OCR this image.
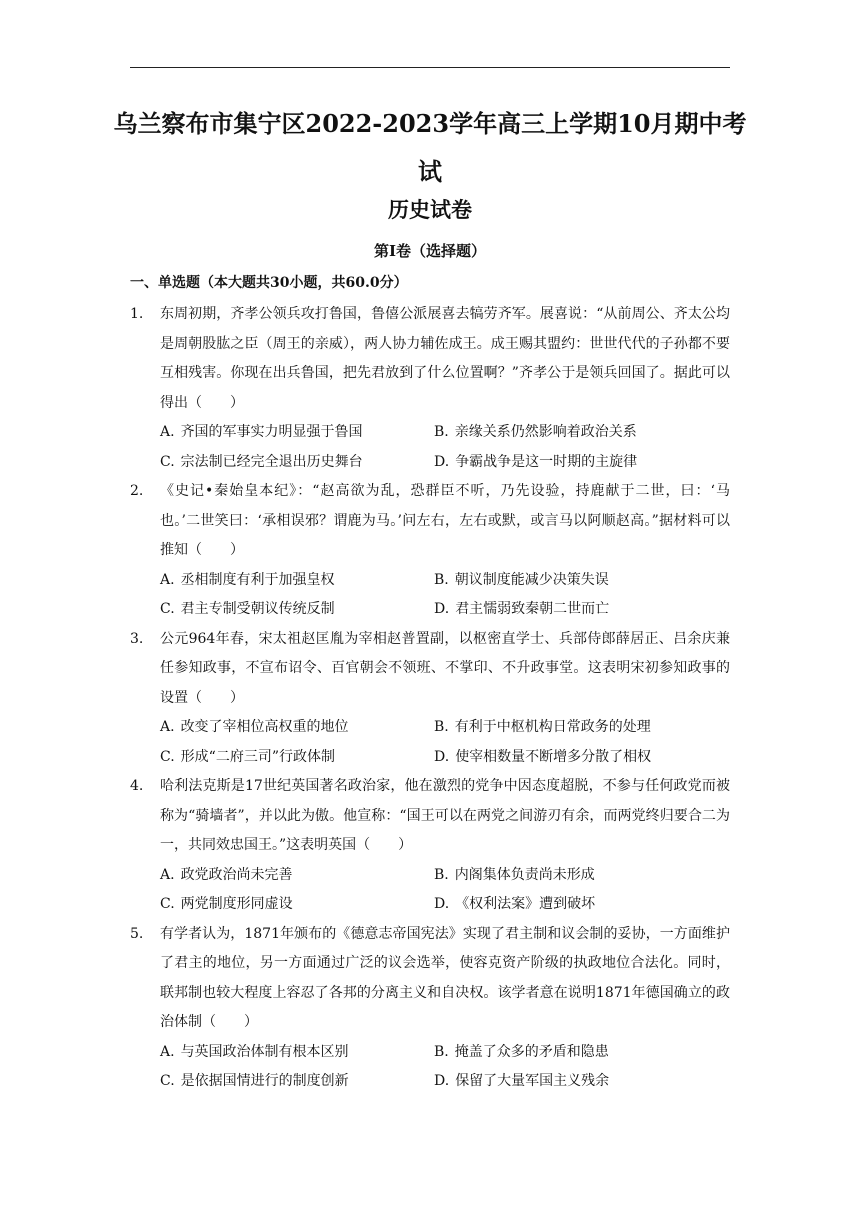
乌兰察布市集宁区2022-2023学年高三上学期10月期中考试
历史试卷
第I卷（选择题）
一、单选题（本大题共30小题，共60.0分）
1. 东周初期，齐孝公领兵攻打鲁国，鲁僖公派展喜去犒劳齐军。展喜说：“从前周公、齐太公均是周朝股肱之臣（周王的亲威），两人协力辅佐成王。成王赐其盟约：世世代代的子孙都不要互相残害。你现在出兵鲁国，把先君放到了什么位置啊？”齐孝公于是领兵回国了。据此可以得出（　　）
A. 齐国的军事实力明显强于鲁国	B. 亲缘关系仍然影响着政治关系
C. 宗法制已经完全退出历史舞台	D. 争霸战争是这一时期的主旋律
2. 《史记•秦始皇本纪》：“赵高欲为乱，恐群臣不听，乃先设验，持鹿献于二世，曰：‘马也。’二世笑曰：‘承相误邪？谓鹿为马。’问左右，左右或默，或言马以阿顺赵高。”据材料可以推知（　　）
A. 丞相制度有利于加强皇权	B. 朝议制度能减少决策失误
C. 君主专制受朝议传统反制	D. 君主懦弱致秦朝二世而亡
3. 公元964年春，宋太祖赵匡胤为宰相赵普置副，以枢密直学士、兵部侍郎薛居正、吕余庆兼任参知政事，不宣布诏令、百官朝会不领班、不掌印、不升政事堂。这表明宋初参知政事的设置（　　）
A. 改变了宰相位高权重的地位	B. 有利于中枢机构日常政务的处理
C. 形成“二府三司”行政体制	D. 使宰相数量不断增多分散了相权
4. 哈利法克斯是17世纪英国著名政治家，他在激烈的党争中因态度超脱，不参与任何政党而被称为“骑墙者”，并以此为傲。他宣称：“国王可以在两党之间游刃有余，而两党终归要合二为一，共同效忠国王。”这表明英国（　　）
A. 政党政治尚未完善	B. 内阁集体负责尚未形成
C. 两党制度形同虚设	D. 《权利法案》遭到破坏
5. 有学者认为，1871年颁布的《德意志帝国宪法》实现了君主制和议会制的妥协，一方面维护了君主的地位，另一方面通过广泛的议会选举，使容克资产阶级的执政地位合法化。同时，联邦制也较大程度上容忍了各邦的分离主义和自决权。该学者意在说明1871年德国确立的政治体制（　　）
A. 与英国政治体制有根本区别	B. 掩盖了众多的矛盾和隐患
C. 是依据国情进行的制度创新	D. 保留了大量军国主义残余
